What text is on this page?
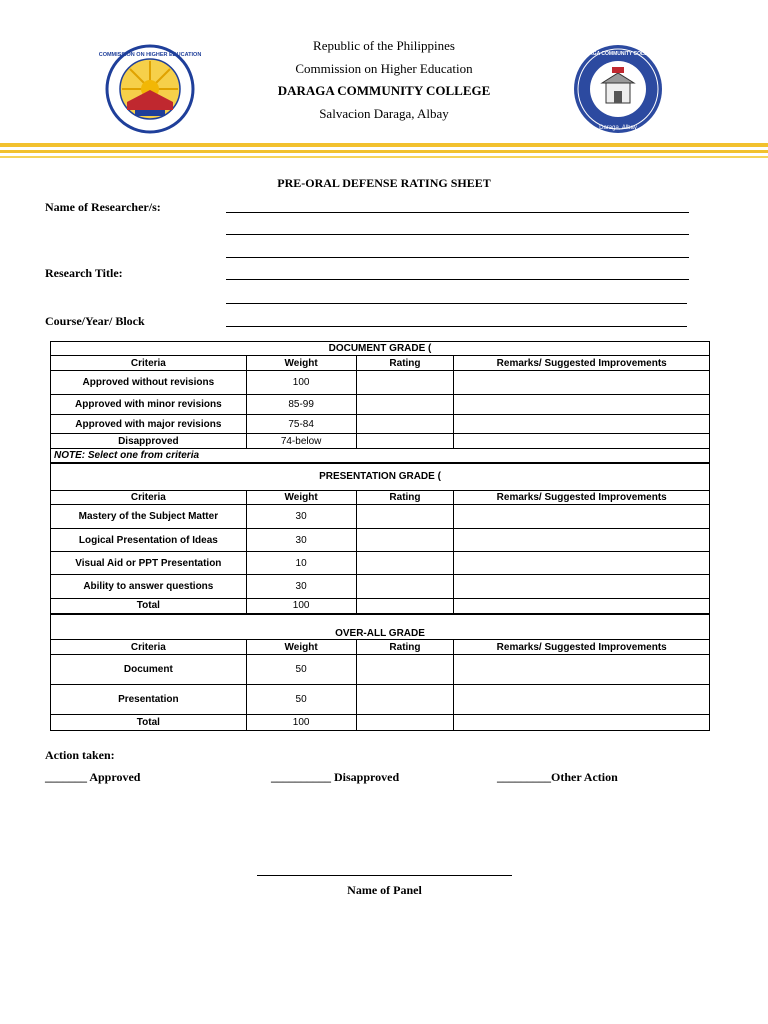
COMMISSION ON HIGHER EDUCATION	DARAGA COMMUNITY COLLEGE
Daraga, Albay
Republic of the Philippines
Commission on Higher Education
DARAGA COMMUNITY COLLEGE
Salvacion Daraga, Albay
PRE-ORAL DEFENSE RATING SHEET
Name of Researcher/s:
Research Title:
Course/Year/ Block
DOCUMENT GRADE (			
Criteria	Weight	Rating	Remarks/ Suggested Improvements
Approved without revisions	100		
Approved with minor revisions	85-99		
Approved with major revisions	75-84		
Disapproved	74-below		
NOTE: Select one from criteria			
PRESENTATION GRADE (			
Criteria	Weight	Rating	Remarks/ Suggested Improvements
Mastery of the Subject Matter	30		
Logical Presentation of Ideas	30		
Visual Aid or PPT Presentation	10		
Ability to answer questions	30		
Total	100		
OVER-ALL GRADE			
Criteria	Weight	Rating	Remarks/ Suggested Improvements
Document	50		
Presentation	50		
Total	100		
Action taken:
_______ Approved	__________ Disapproved	_________Other Action
Name of Panel
